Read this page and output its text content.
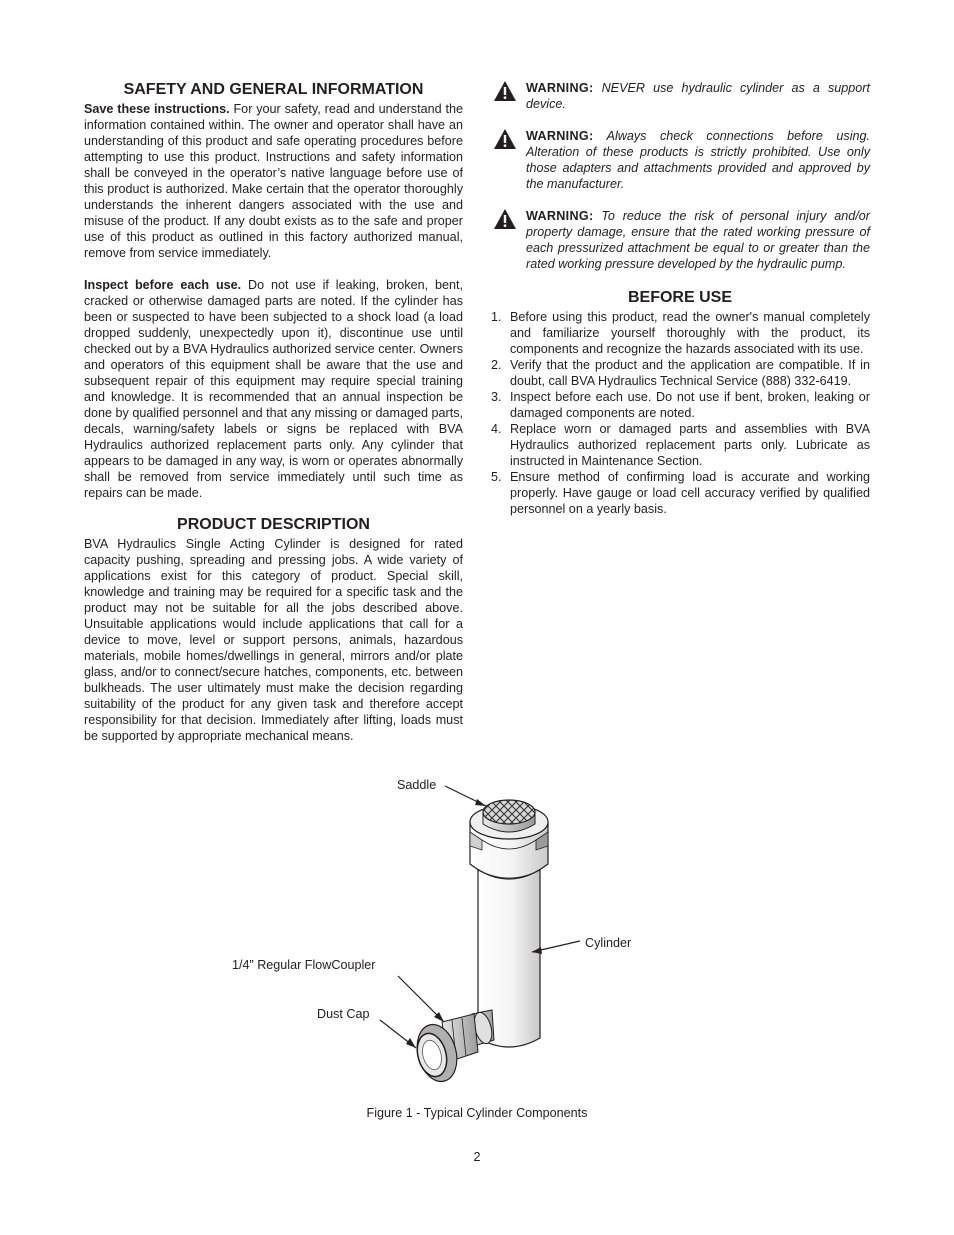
SAFETY AND GENERAL INFORMATION

Save these instructions. For your safety, read and understand the information contained within. The owner and operator shall have an understanding of this product and safe operating procedures before attempting to use this product. Instructions and safety information shall be conveyed in the operator’s native language before use of this product is authorized. Make certain that the operator thoroughly understands the inherent dangers associated with the use and misuse of the product. If any doubt exists as to the safe and proper use of this product as outlined in this factory authorized manual, remove from service immediately.

Inspect before each use. Do not use if leaking, broken, bent, cracked or otherwise damaged parts are noted. If the cylinder has been or suspected to have been subjected to a shock load (a load dropped suddenly, unexpectedly upon it), discontinue use until checked out by a BVA Hydraulics authorized service center. Owners and operators of this equipment shall be aware that the use and subsequent repair of this equipment may require special training and knowledge. It is recommended that an annual inspection be done by qualified personnel and that any missing or damaged parts, decals, warning/safety labels or signs be replaced with BVA Hydraulics authorized replacement parts only. Any cylinder that appears to be damaged in any way, is worn or operates abnormally shall be removed from service immediately until such time as repairs can be made.

PRODUCT DESCRIPTION

BVA Hydraulics Single Acting Cylinder is designed for rated capacity pushing, spreading and pressing jobs. A wide variety of applications exist for this category of product. Special skill, knowledge and training may be required for a specific task and the product may not be suitable for all the jobs described above. Unsuitable applications would include applications that call for a device to move, level or support persons, animals, hazardous materials, mobile homes/dwellings in general, mirrors and/or plate glass, and/or to connect/secure hatches, components, etc. between bulkheads. The user ultimately must make the decision regarding suitability of the product for any given task and therefore accept responsibility for that decision. Immediately after lifting, loads must be supported by appropriate mechanical means.

WARNING: NEVER use hydraulic cylinder as a support device.
WARNING: Always check connections before using. Alteration of these products is strictly prohibited. Use only those adapters and attachments provided and approved by the manufacturer.
WARNING: To reduce the risk of personal injury and/or property damage, ensure that the rated working pressure of each pressurized attachment be equal to or greater than the rated working pressure developed by the hydraulic pump.
BEFORE USE
1. Before using this product, read the owner's manual completely and familiarize yourself thoroughly with the product, its components and recognize the hazards associated with its use.
2. Verify that the product and the application are compatible. If in doubt, call BVA Hydraulics Technical Service (888) 332-6419.
3. Inspect before each use. Do not use if bent, broken, leaking or damaged components are noted.
4. Replace worn or damaged parts and assemblies with BVA Hydraulics authorized replacement parts only. Lubricate as instructed in Maintenance Section.
5. Ensure method of confirming load is accurate and working properly. Have gauge or load cell accuracy verified by qualified personnel on a yearly basis.
Saddle
Cylinder
1/4” Regular FlowCoupler
Dust Cap
Figure 1 - Typical Cylinder Components
2
